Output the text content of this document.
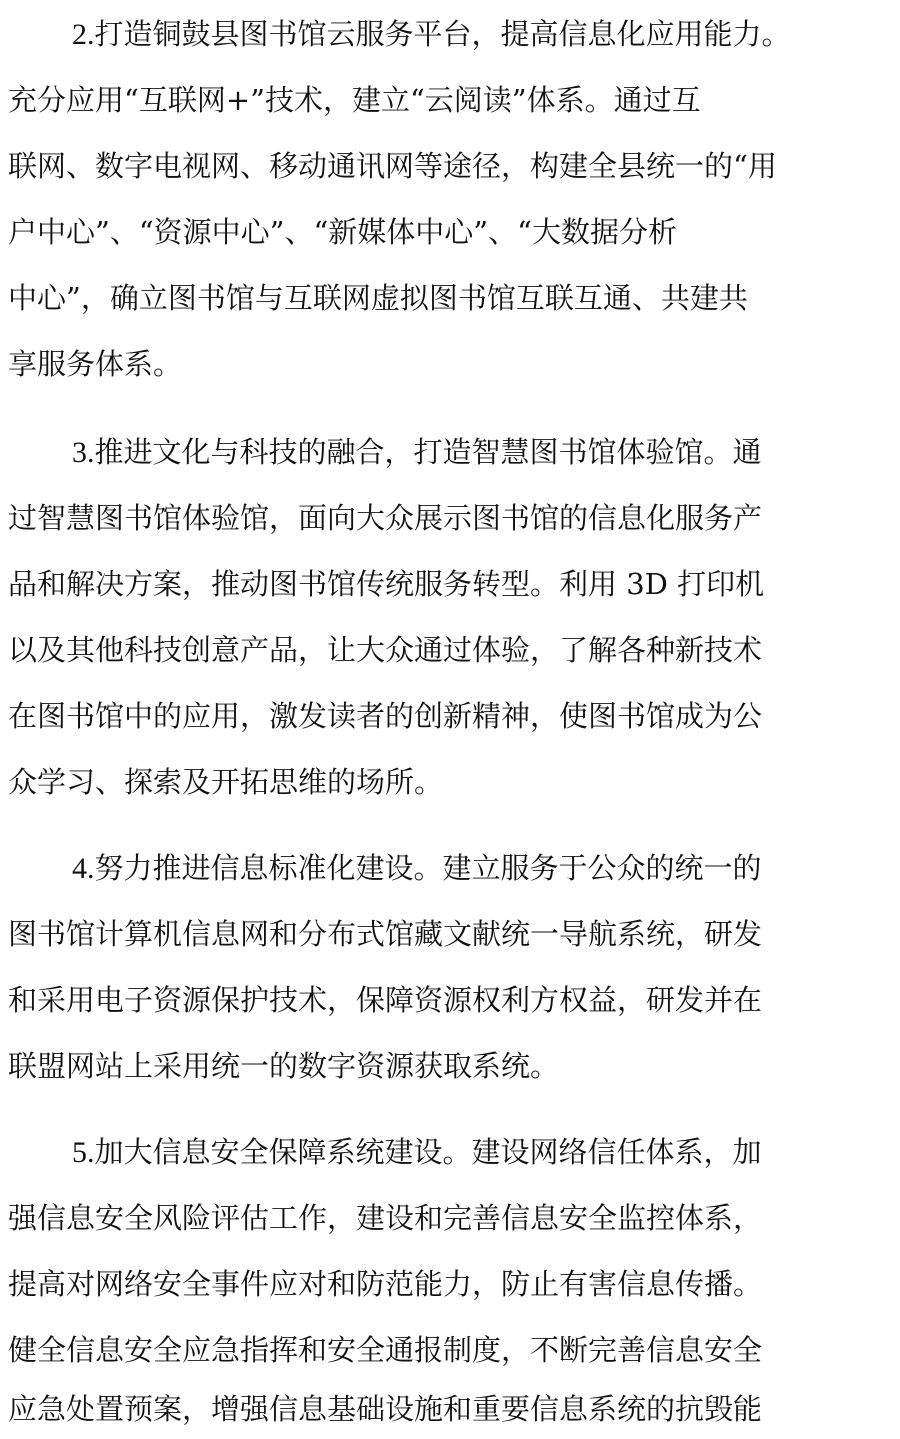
2.打造铜鼓县图书馆云服务平台，提高信息化应用能力。
充分应用“互联网+”技术，建立“云阅读”体系。通过互
联网、数字电视网、移动通讯网等途径，构建全县统一的“用
户中心”、“资源中心”、“新媒体中心”、“大数据分析
中心”，确立图书馆与互联网虚拟图书馆互联互通、共建共
享服务体系。
3.推进文化与科技的融合，打造智慧图书馆体验馆。通
过智慧图书馆体验馆，面向大众展示图书馆的信息化服务产
品和解决方案，推动图书馆传统服务转型。利用 3D 打印机
以及其他科技创意产品，让大众通过体验，了解各种新技术
在图书馆中的应用，激发读者的创新精神，使图书馆成为公
众学习、探索及开拓思维的场所。
4.努力推进信息标准化建设。建立服务于公众的统一的
图书馆计算机信息网和分布式馆藏文献统一导航系统，研发
和采用电子资源保护技术，保障资源权利方权益，研发并在
联盟网站上采用统一的数字资源获取系统。
5.加大信息安全保障系统建设。建设网络信任体系，加
强信息安全风险评估工作，建设和完善信息安全监控体系，
提高对网络安全事件应对和防范能力，防止有害信息传播。
健全信息安全应急指挥和安全通报制度，不断完善信息安全
应急处置预案，增强信息基础设施和重要信息系统的抗毁能
